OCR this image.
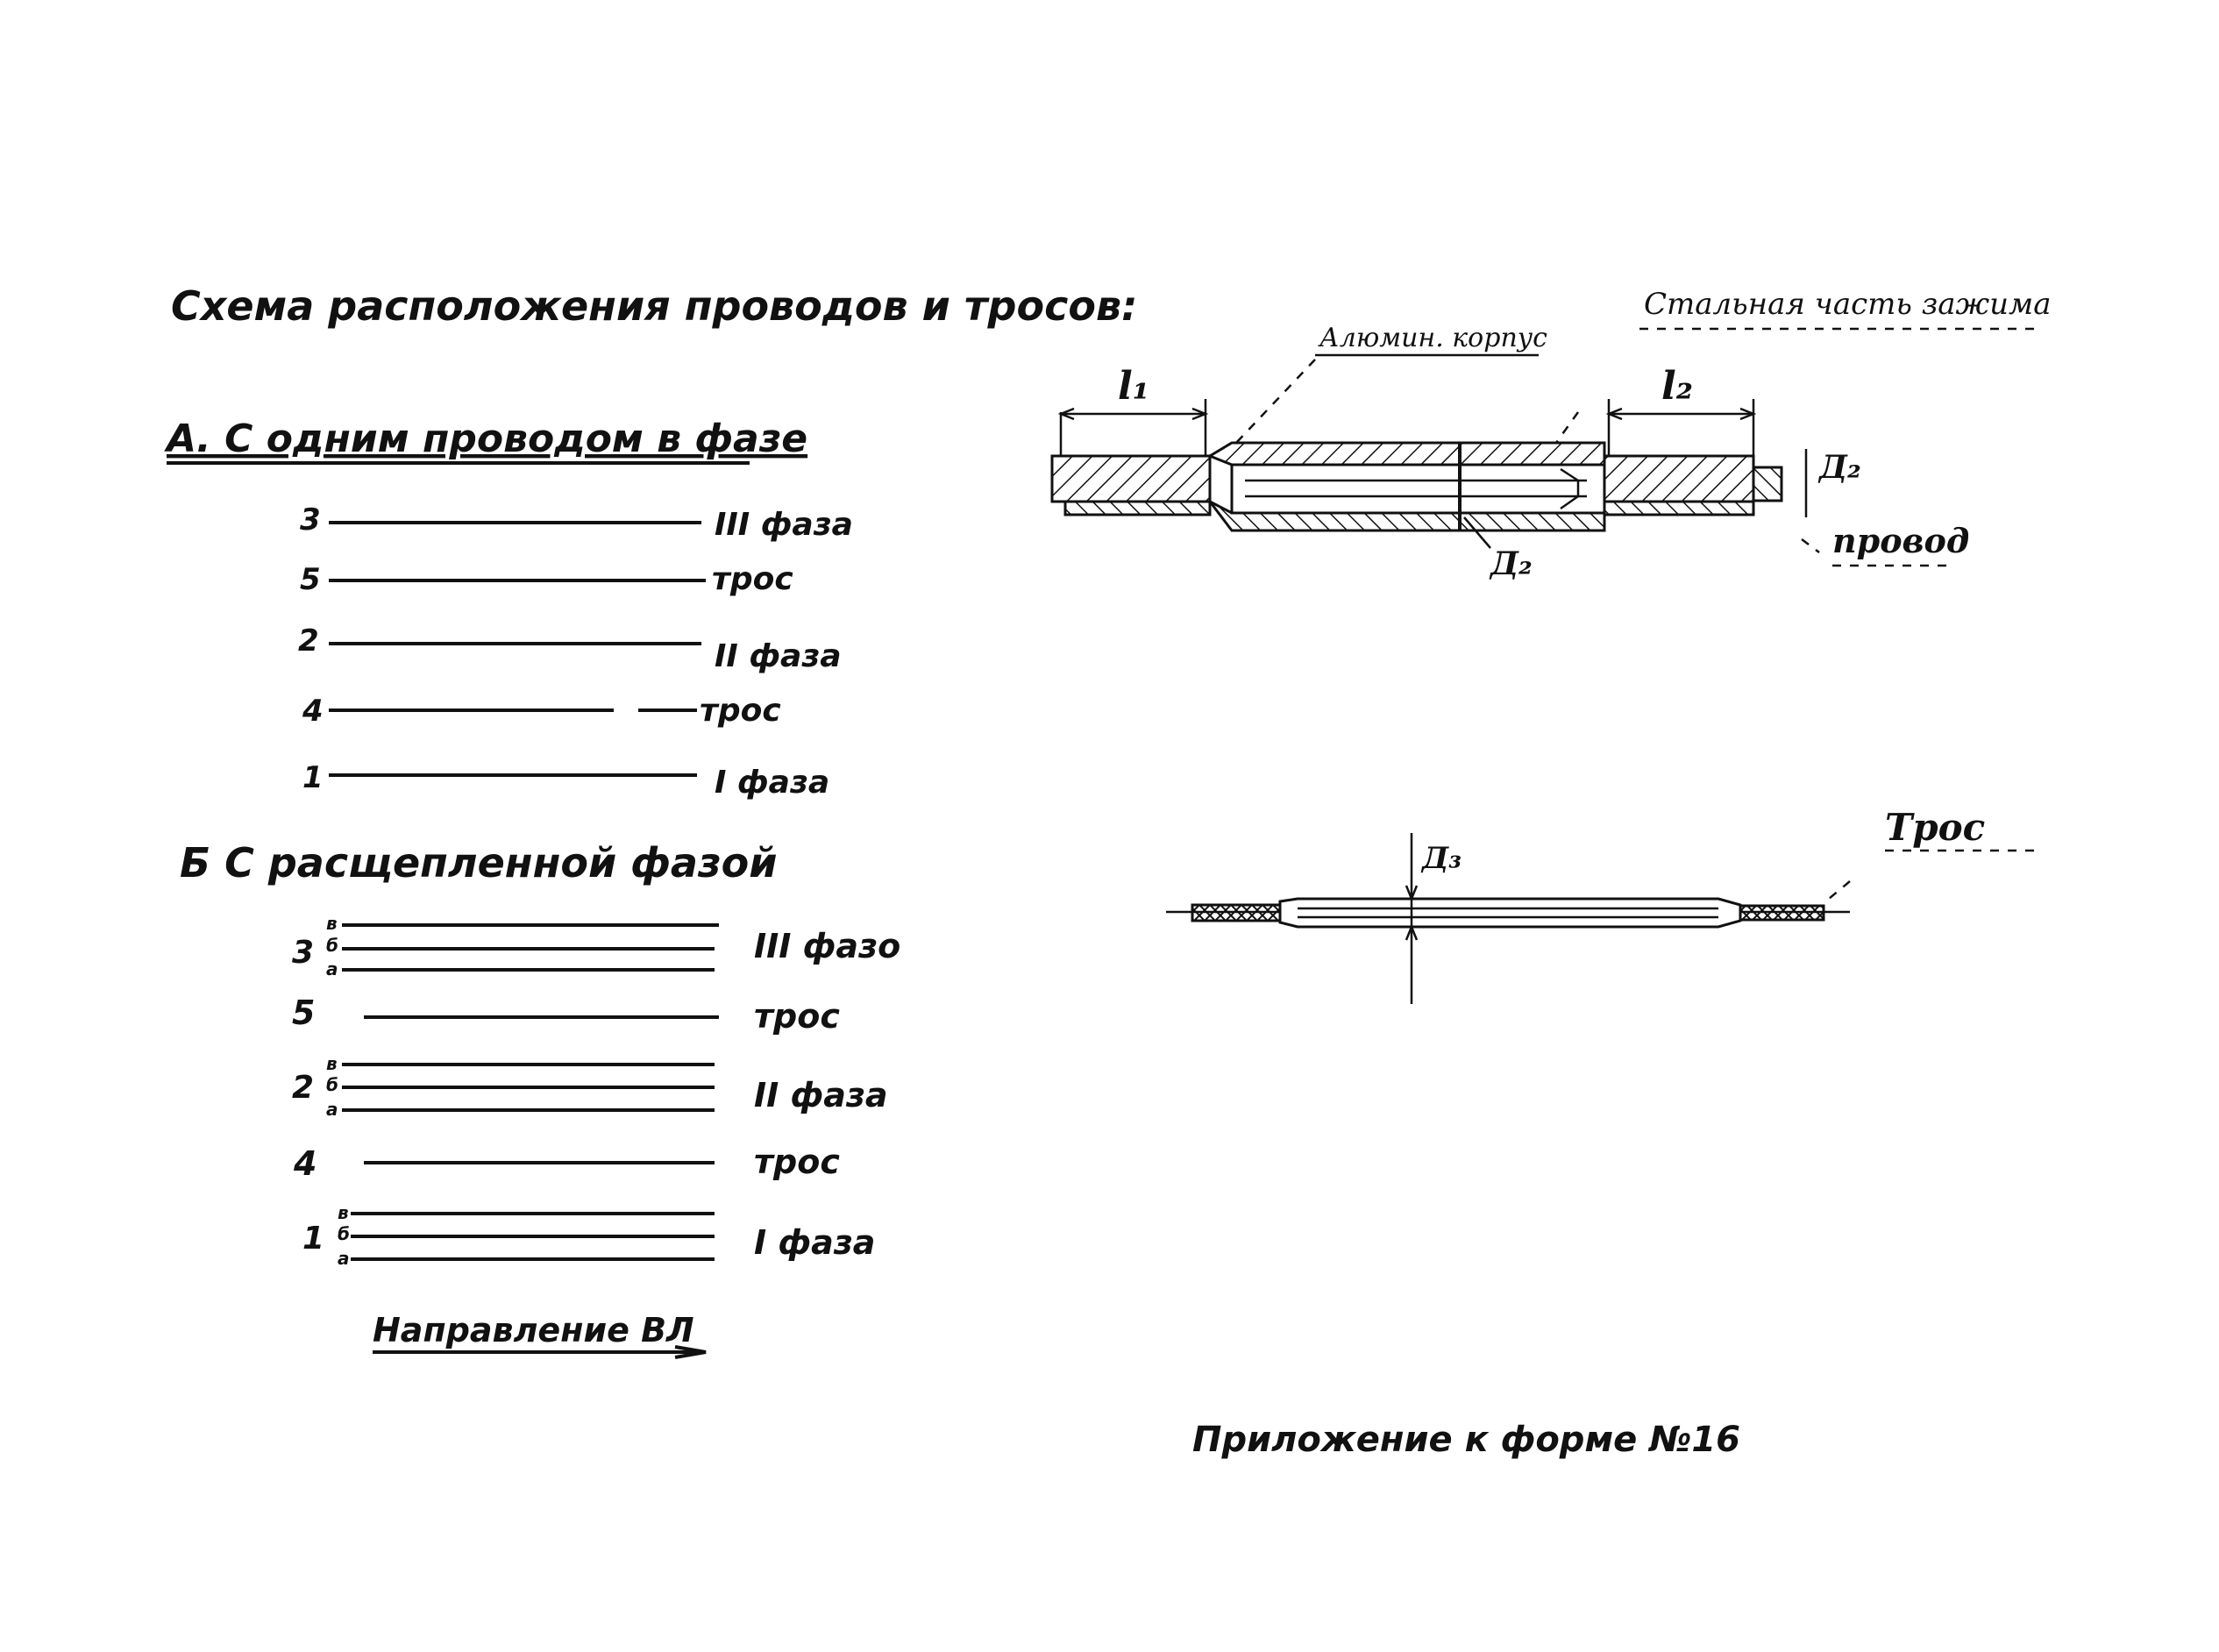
Схема расположения проводов и тросов:
А. С одним проводом в фазе
3	III фаза
5	трос
2	II фаза
4	трос
1	I фаза
Б С расщепленной фазой
3
в
б
а
III фазо
5	трос
2
в
б
а	II фаза
4	трос
1
в
б
а	I фаза
Направление ВЛ
Стальная часть зажима
Алюмин. корпус
l₁	l₂
Д₂
Д₂
провод
Трос
Д₃
Приложение к форме №16
